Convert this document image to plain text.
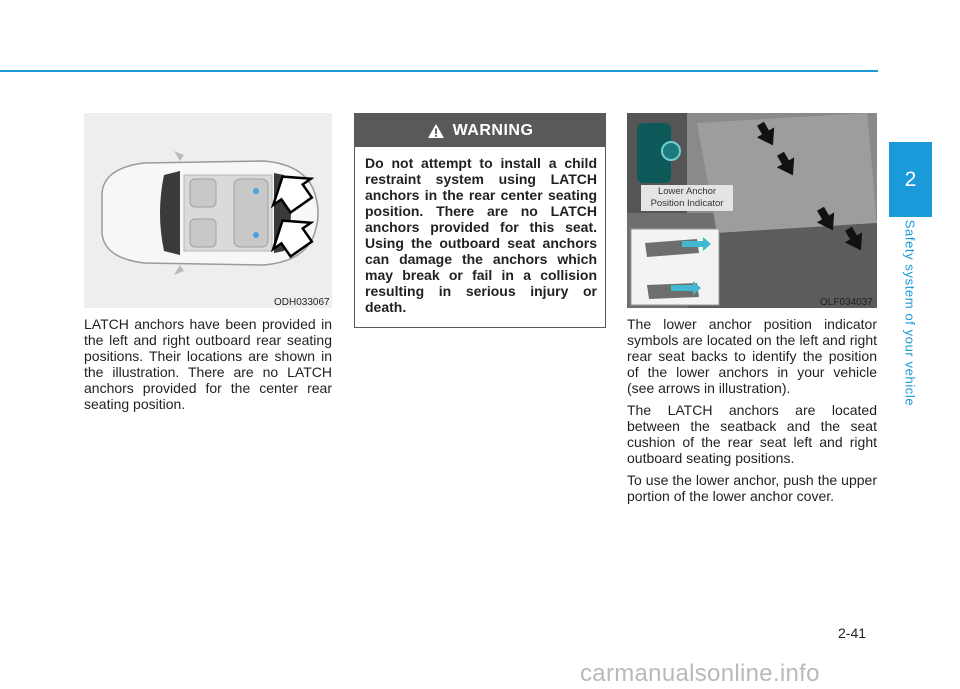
2
Safety system of your vehicle
ODH033067

LATCH anchors have been provided in the left and right outboard rear seating positions. Their locations are shown in the illustration. There are no LATCH anchors provided for the center rear seating position.

WARNING
Do not attempt to install a child restraint system using LATCH anchors in the rear center seating position. There are no LATCH anchors provided for this seat. Using the outboard seat anchors can damage the anchors which may break or fail in a collision resulting in serious injury or death.
Lower Anchor
Position Indicator
OLF034037

The lower anchor position indicator symbols are located on the left and right rear seat backs to identify the position of the lower anchors in your vehicle (see arrows in illustration).

The LATCH anchors are located between the seatback and the seat cushion of the rear seat left and right outboard seating positions.

To use the lower anchor, push the upper portion of the lower anchor cover.

2-41
carmanualsonline.info
